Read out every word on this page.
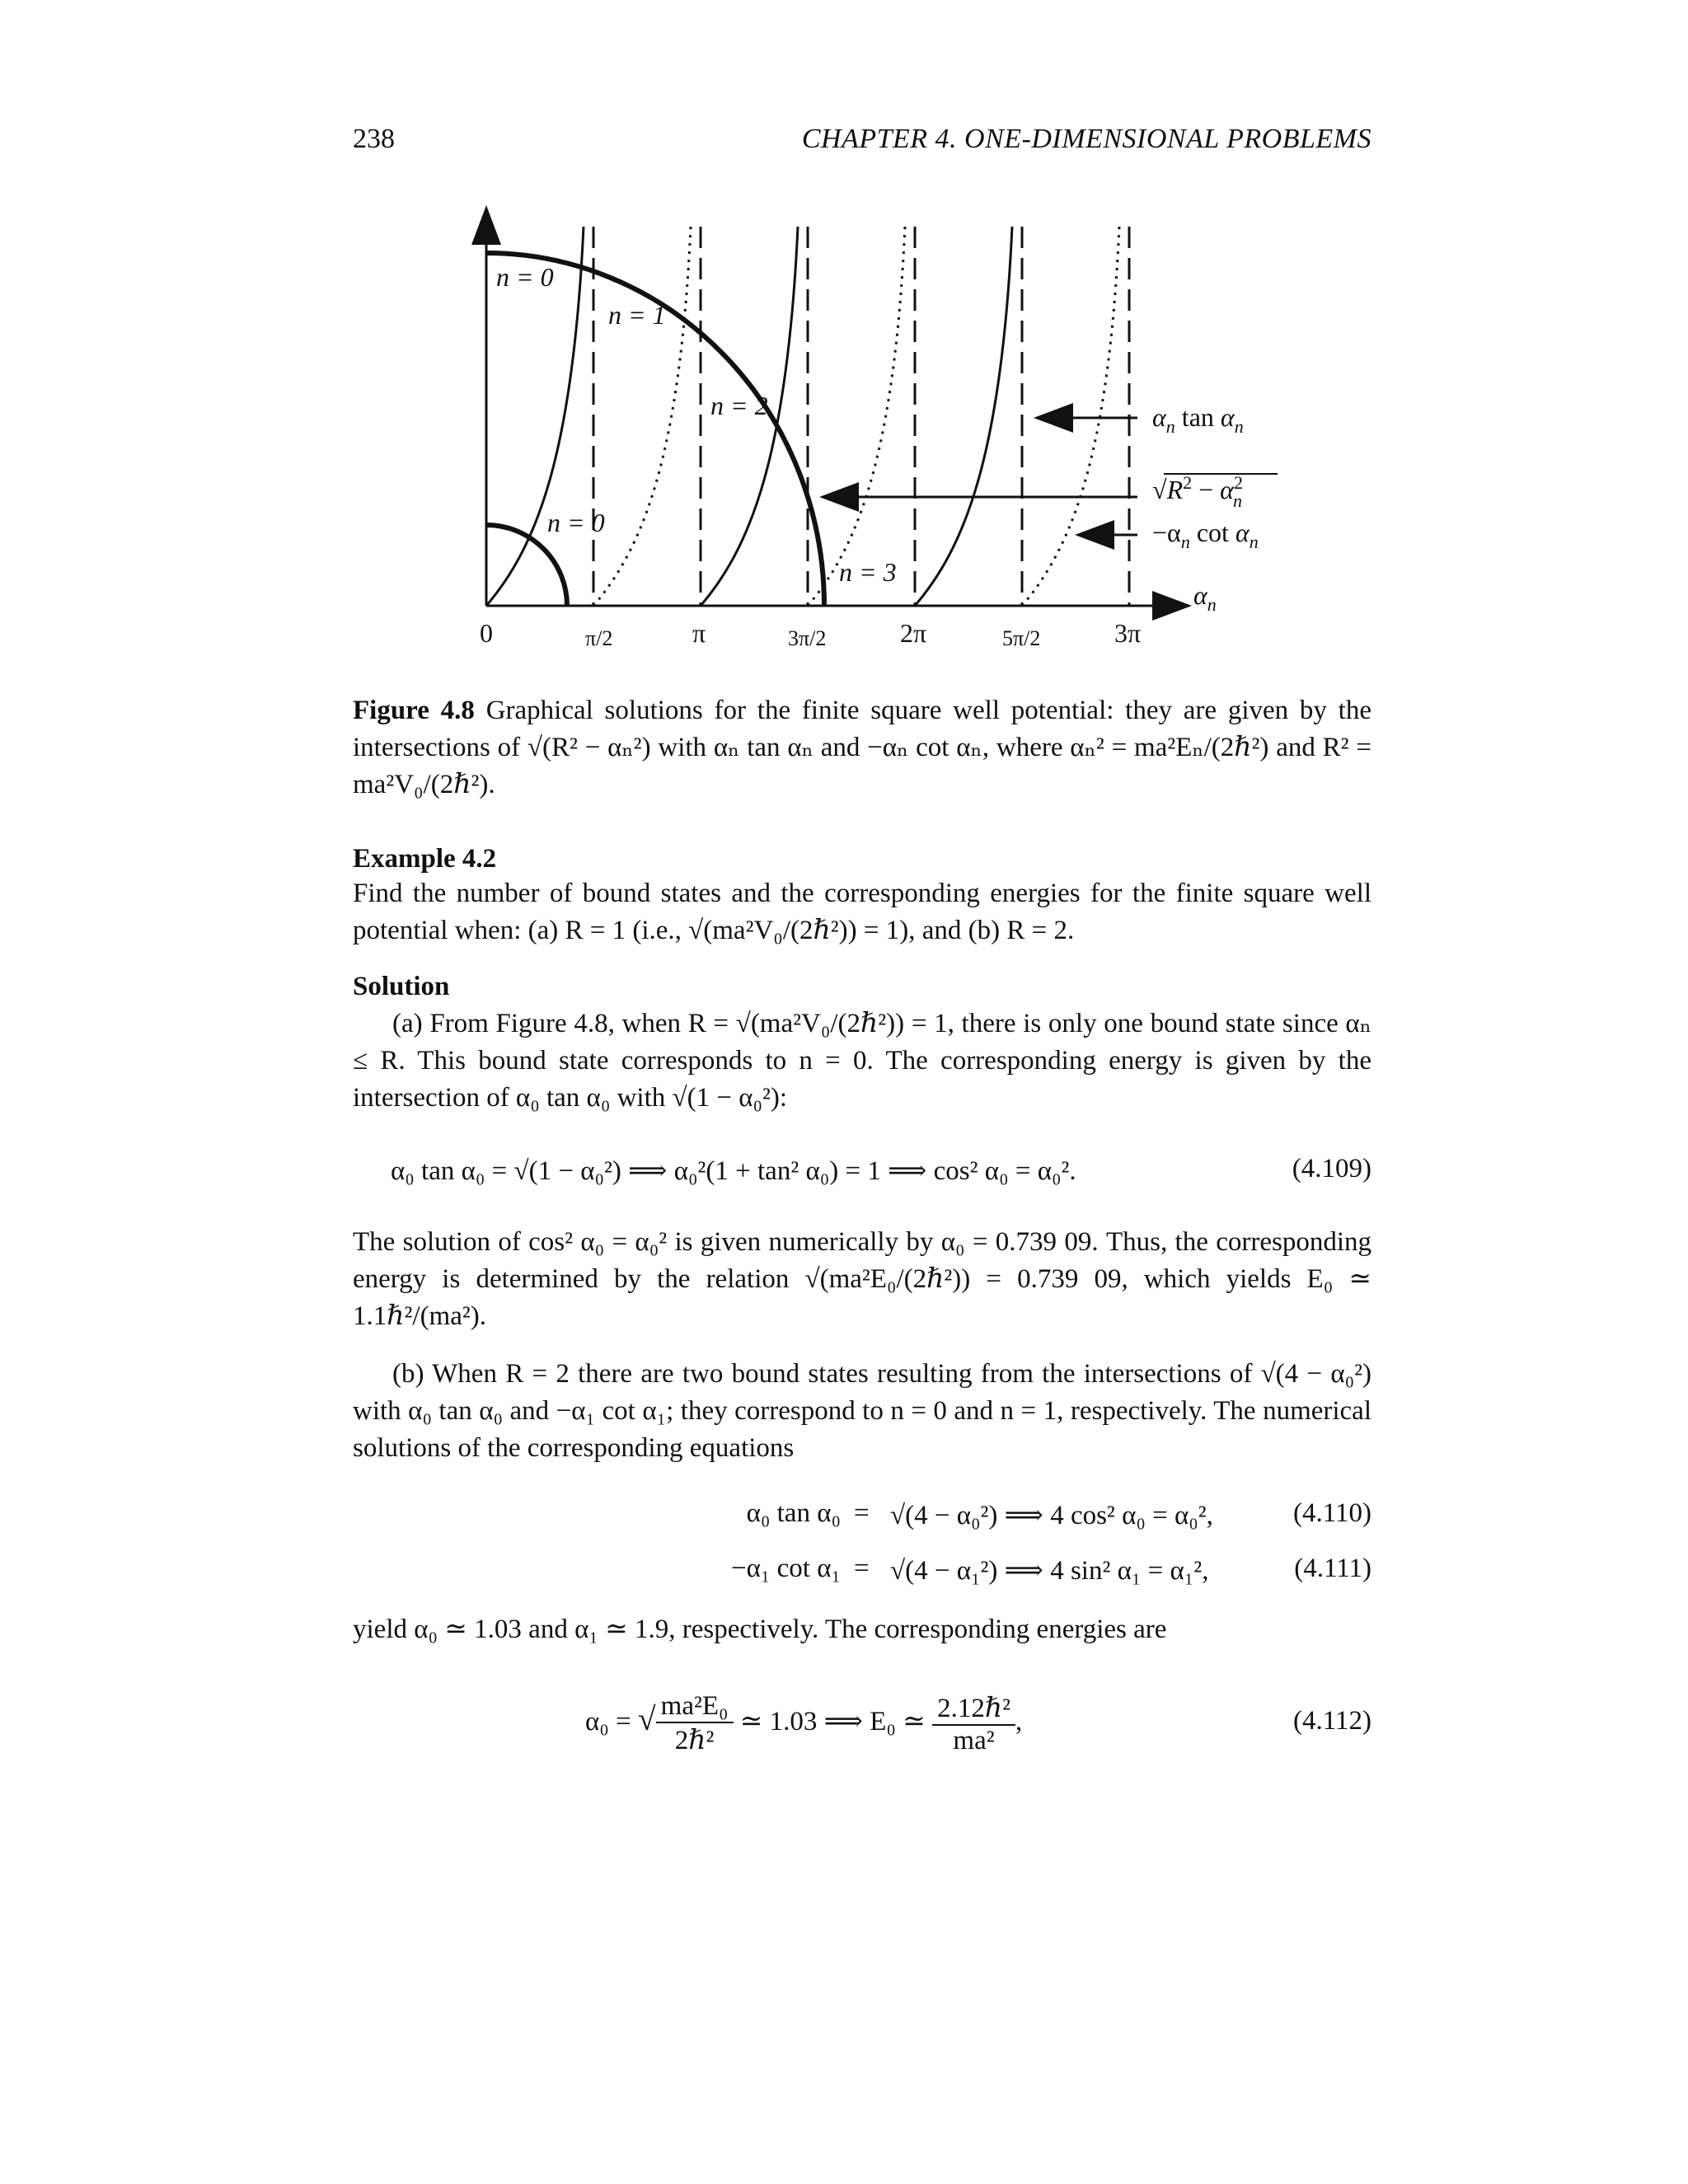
238	CHAPTER 4. ONE-DIMENSIONAL PROBLEMS
n = 0
n = 1
n = 2
n = 0
n = 3
$\alpha_n$ $\tan \alpha_n$
$√R^2 - \alpha^2$ n
$-\alpha_n$ $\cot \alpha_n$
$\alpha_n$
0	π/2	π	3π/2	2π	5π/2	3π
Figure 4.8 Graphical solutions for the finite square well potential: they are given by the intersections of √(R² − αₙ²) with αₙ tan αₙ and −αₙ cot αₙ, where αₙ² = ma²Eₙ/(2ℏ²) and R² = ma²V₀/(2ℏ²).
Example 4.2
Find the number of bound states and the corresponding energies for the finite square well potential when: (a) R = 1 (i.e., √(ma²V₀/(2ℏ²)) = 1), and (b) R = 2.
Solution
(a) From Figure 4.8, when R = √(ma²V₀/(2ℏ²)) = 1, there is only one bound state since αₙ ≤ R. This bound state corresponds to n = 0. The corresponding energy is given by the intersection of α₀ tan α₀ with √(1 − α₀²):
α₀ tan α₀ = √(1 − α₀²) ⟹ α₀²(1 + tan² α₀) = 1 ⟹ cos² α₀ = α₀².	(4.109)
The solution of cos² α₀ = α₀² is given numerically by α₀ = 0.739 09. Thus, the corresponding energy is determined by the relation √(ma²E₀/(2ℏ²)) = 0.739 09, which yields E₀ ≃ 1.1ℏ²/(ma²).
(b) When R = 2 there are two bound states resulting from the intersections of √(4 − α₀²) with α₀ tan α₀ and −α₁ cot α₁; they correspond to n = 0 and n = 1, respectively. The numerical solutions of the corresponding equations
α₀ tan α₀ = √(4 − α₀²) ⟹ 4 cos² α₀ = α₀²,	(4.110)
−α₁ cot α₁ = √(4 − α₁²) ⟹ 4 sin² α₁ = α₁²,	(4.111)
yield α₀ ≃ 1.03 and α₁ ≃ 1.9, respectively. The corresponding energies are
α₀ = √ $\frac{\text{ma²E₀}}{\text{2ℏ²}}$ ≃ 1.03 ⟹ E₀ ≃ $\frac{\text{2.12ℏ²}}{\text{ma²}}$ ,	(4.112)
